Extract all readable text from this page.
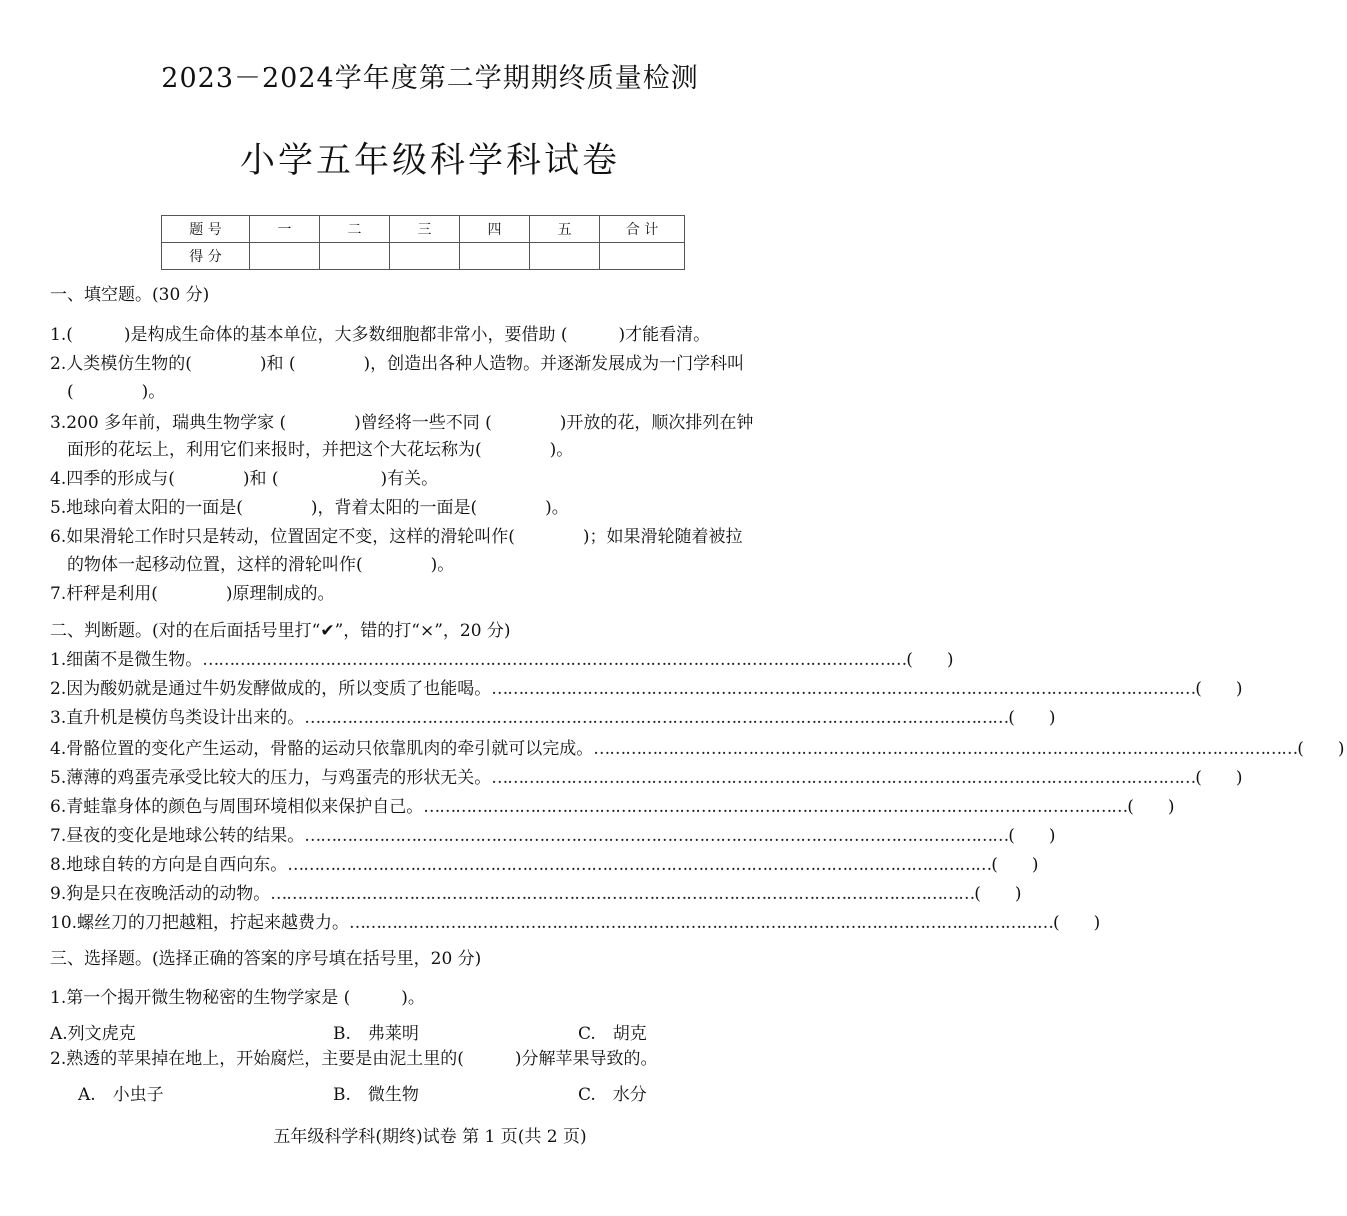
2023－2024学年度第二学期期终质量检测
小学五年级科学科试卷
题 号	一	二	三	四	五	合 计
得 分						
一、填空题。(30 分)
1.(　　　)是构成生命体的基本单位，大多数细胞都非常小，要借助 (　　　)才能看清。
2.人类模仿生物的(　　　　)和 (　　　　)，创造出各种人造物。并逐渐发展成为一门学科叫
　(　　　　)。
3.200 多年前，瑞典生物学家 (　　　　)曾经将一些不同 (　　　　)开放的花，顺次排列在钟
　面形的花坛上，利用它们来报时，并把这个大花坛称为(　　　　)。
4.四季的形成与(　　　　)和 (　　　　　　)有关。
5.地球向着太阳的一面是(　　　　)，背着太阳的一面是(　　　　)。
6.如果滑轮工作时只是转动，位置固定不变，这样的滑轮叫作(　　　　)；如果滑轮随着被拉
　的物体一起移动位置，这样的滑轮叫作(　　　　)。
7.杆秤是利用(　　　　)原理制成的。
二、判断题。(对的在后面括号里打“✔”，错的打“×”，20 分)
1.细菌不是微生物。 …………………………………………………………………………………………………………………… (　　)
2.因为酸奶就是通过牛奶发酵做成的，所以变质了也能喝。 …………………………………………………………………………………………………………………… (　　)
3.直升机是模仿鸟类设计出来的。 …………………………………………………………………………………………………………………… (　　)
4.骨骼位置的变化产生运动，骨骼的运动只依靠肌肉的牵引就可以完成。 …………………………………………………………………………………………………………………… (　　)
5.薄薄的鸡蛋壳承受比较大的压力，与鸡蛋壳的形状无关。 …………………………………………………………………………………………………………………… (　　)
6.青蛙靠身体的颜色与周围环境相似来保护自己。 …………………………………………………………………………………………………………………… (　　)
7.昼夜的变化是地球公转的结果。 …………………………………………………………………………………………………………………… (　　)
8.地球自转的方向是自西向东。 …………………………………………………………………………………………………………………… (　　)
9.狗是只在夜晚活动的动物。 …………………………………………………………………………………………………………………… (　　)
10.螺丝刀的刀把越粗，拧起来越费力。 …………………………………………………………………………………………………………………… (　　)
三、选择题。(选择正确的答案的序号填在括号里，20 分)
1.第一个揭开微生物秘密的生物学家是 (　　　)。
A.列文虎克	B.　弗莱明	C.　胡克
2.熟透的苹果掉在地上，开始腐烂，主要是由泥土里的(　　　)分解苹果导致的。
A.　小虫子	B.　微生物	C.　水分
五年级科学科(期终)试卷 第 1 页(共 2 页)
